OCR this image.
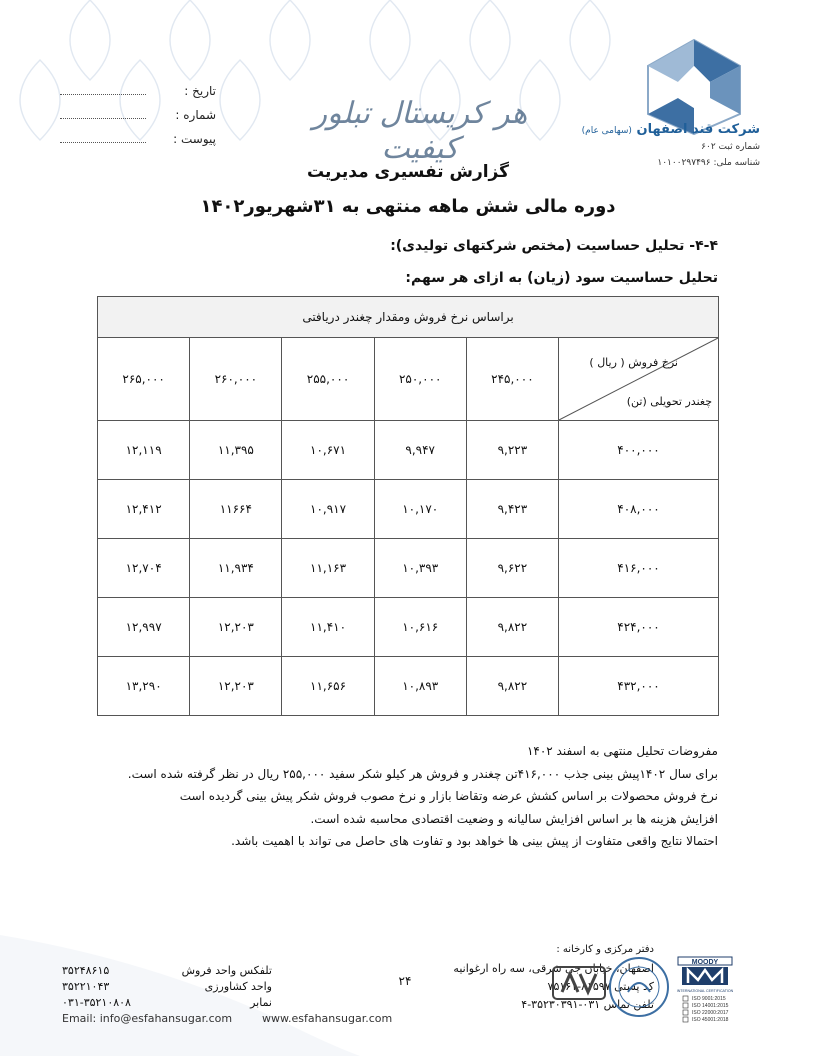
شرکت قند اصفهان (سهامی عام)
شماره ثبت ۶۰۲
شناسه ملی: ۱۰۱۰۰۲۹۷۴۹۶
تاریخ :
شماره :
پیوست :
هر کریستال تبلور کیفیت
گزارش تفسیری مدیریت
دوره مالی شش ماهه منتهی به ۳۱شهریور۱۴۰۲
۴-۴- تحلیل حساسیت (مختص شرکتهای تولیدی):
تحلیل حساسیت سود (زیان) به ازای هر سهم:
براساس نرخ فروش ومقدار چغندر دریافتی					

نرخ فروش ( ریال )
چغندر تحویلی (تن)	۲۴۵,۰۰۰	۲۵۰,۰۰۰	۲۵۵,۰۰۰	۲۶۰,۰۰۰	۲۶۵,۰۰۰
۴۰۰,۰۰۰	۹,۲۲۳	۹,۹۴۷	۱۰,۶۷۱	۱۱,۳۹۵	۱۲,۱۱۹
۴۰۸,۰۰۰	۹,۴۲۳	۱۰,۱۷۰	۱۰,۹۱۷	۱۱۶۶۴	۱۲,۴۱۲
۴۱۶,۰۰۰	۹,۶۲۲	۱۰,۳۹۳	۱۱,۱۶۳	۱۱,۹۳۴	۱۲,۷۰۴
۴۲۴,۰۰۰	۹,۸۲۲	۱۰,۶۱۶	۱۱,۴۱۰	۱۲,۲۰۳	۱۲,۹۹۷
۴۳۲,۰۰۰	۹,۸۲۲	۱۰,۸۹۳	۱۱,۶۵۶	۱۲,۲۰۳	۱۳,۲۹۰
مفروضات تحلیل منتهی به اسفند ۱۴۰۲
برای سال ۱۴۰۲پیش بینی جذب ۴۱۶,۰۰۰تن چغندر و فروش هر کیلو شکر سفید ۲۵۵,۰۰۰ ریال در نظر گرفته شده است.
نرخ فروش محصولات بر اساس کشش عرضه وتقاضا بازار و نرخ مصوب فروش شکر پیش بینی گردیده است
افزایش هزینه ها بر اساس افزایش سالیانه و وضعیت اقتصادی محاسبه شده است.
احتمالا نتایج واقعی متفاوت از پیش بینی ها خواهد بود و تفاوت های حاصل می تواند با اهمیت باشد.
دفتر مرکزی و کارخانه :
اصفهان، خیابان جی شرقی، سه راه ارغوانیه
کد پستی ۸۱۵۹۷-۷۵۱۶۱
تلفن تماس ۰۳۱-۳۵۲۳۰۳۹۱-۴
۲۴
www.esfahansugar.com
Email: info@esfahansugar.com
تلفکس واحد فروش
۳۵۲۴۸۶۱۵
واحد کشاورزی
۳۵۲۲۱۰۴۳
نمابر
۰۳۱-۳۵۲۱۰۸۰۸
MOODY
INTERNATIONAL CERTIFICATION
ISO 9001:2015
ISO 14001:2015
ISO 22000:2017
ISO 45001:2018
